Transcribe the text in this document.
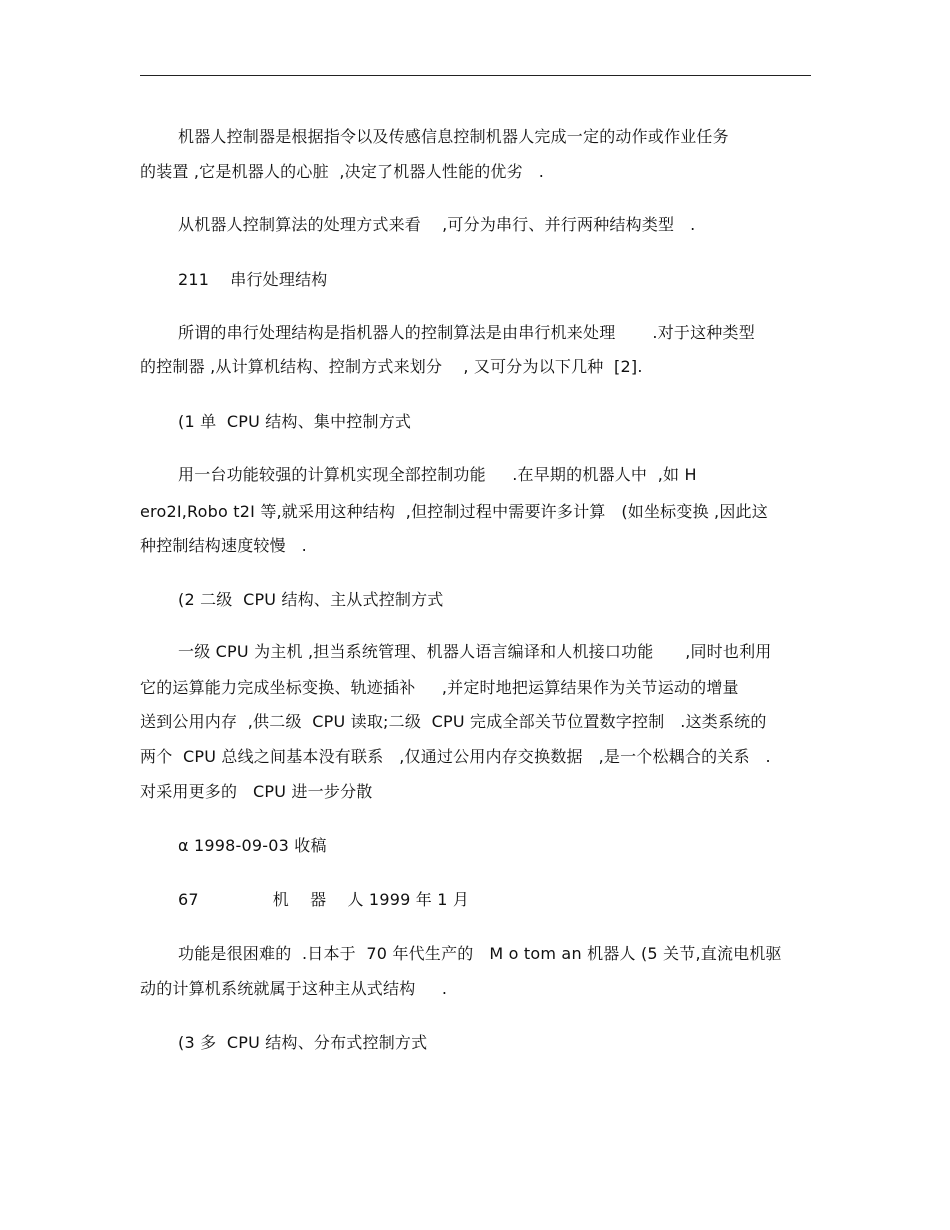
机器人控制器是根据指令以及传感信息控制机器人完成一定的动作或作业任务
的装置 ,它是机器人的心脏  ,决定了机器人性能的优劣   .
从机器人控制算法的处理方式来看    ,可分为串行、并行两种结构类型   .
211    串行处理结构
所谓的串行处理结构是指机器人的控制算法是由串行机来处理       .对于这种类型
的控制器 ,从计算机结构、控制方式来划分    , 又可分为以下几种  [2].
(1 单  CPU 结构、集中控制方式
用一台功能较强的计算机实现全部控制功能     .在早期的机器人中  ,如 H
ero2I,Robo t2I 等,就采用这种结构  ,但控制过程中需要许多计算   (如坐标变换 ,因此这
种控制结构速度较慢   .
(2 二级  CPU 结构、主从式控制方式
一级 CPU 为主机 ,担当系统管理、机器人语言编译和人机接口功能      ,同时也利用
它的运算能力完成坐标变换、轨迹插补     ,并定时地把运算结果作为关节运动的增量
送到公用内存  ,供二级  CPU 读取;二级  CPU 完成全部关节位置数字控制   .这类系统的
两个  CPU 总线之间基本没有联系   ,仅通过公用内存交换数据   ,是一个松耦合的关系   .
对采用更多的   CPU 进一步分散
α 1998-09-03 收稿
67              机    器    人 1999 年 1 月
功能是很困难的  .日本于  70 年代生产的   M o tom an 机器人 (5 关节,直流电机驱
动的计算机系统就属于这种主从式结构     .
(3 多  CPU 结构、分布式控制方式
